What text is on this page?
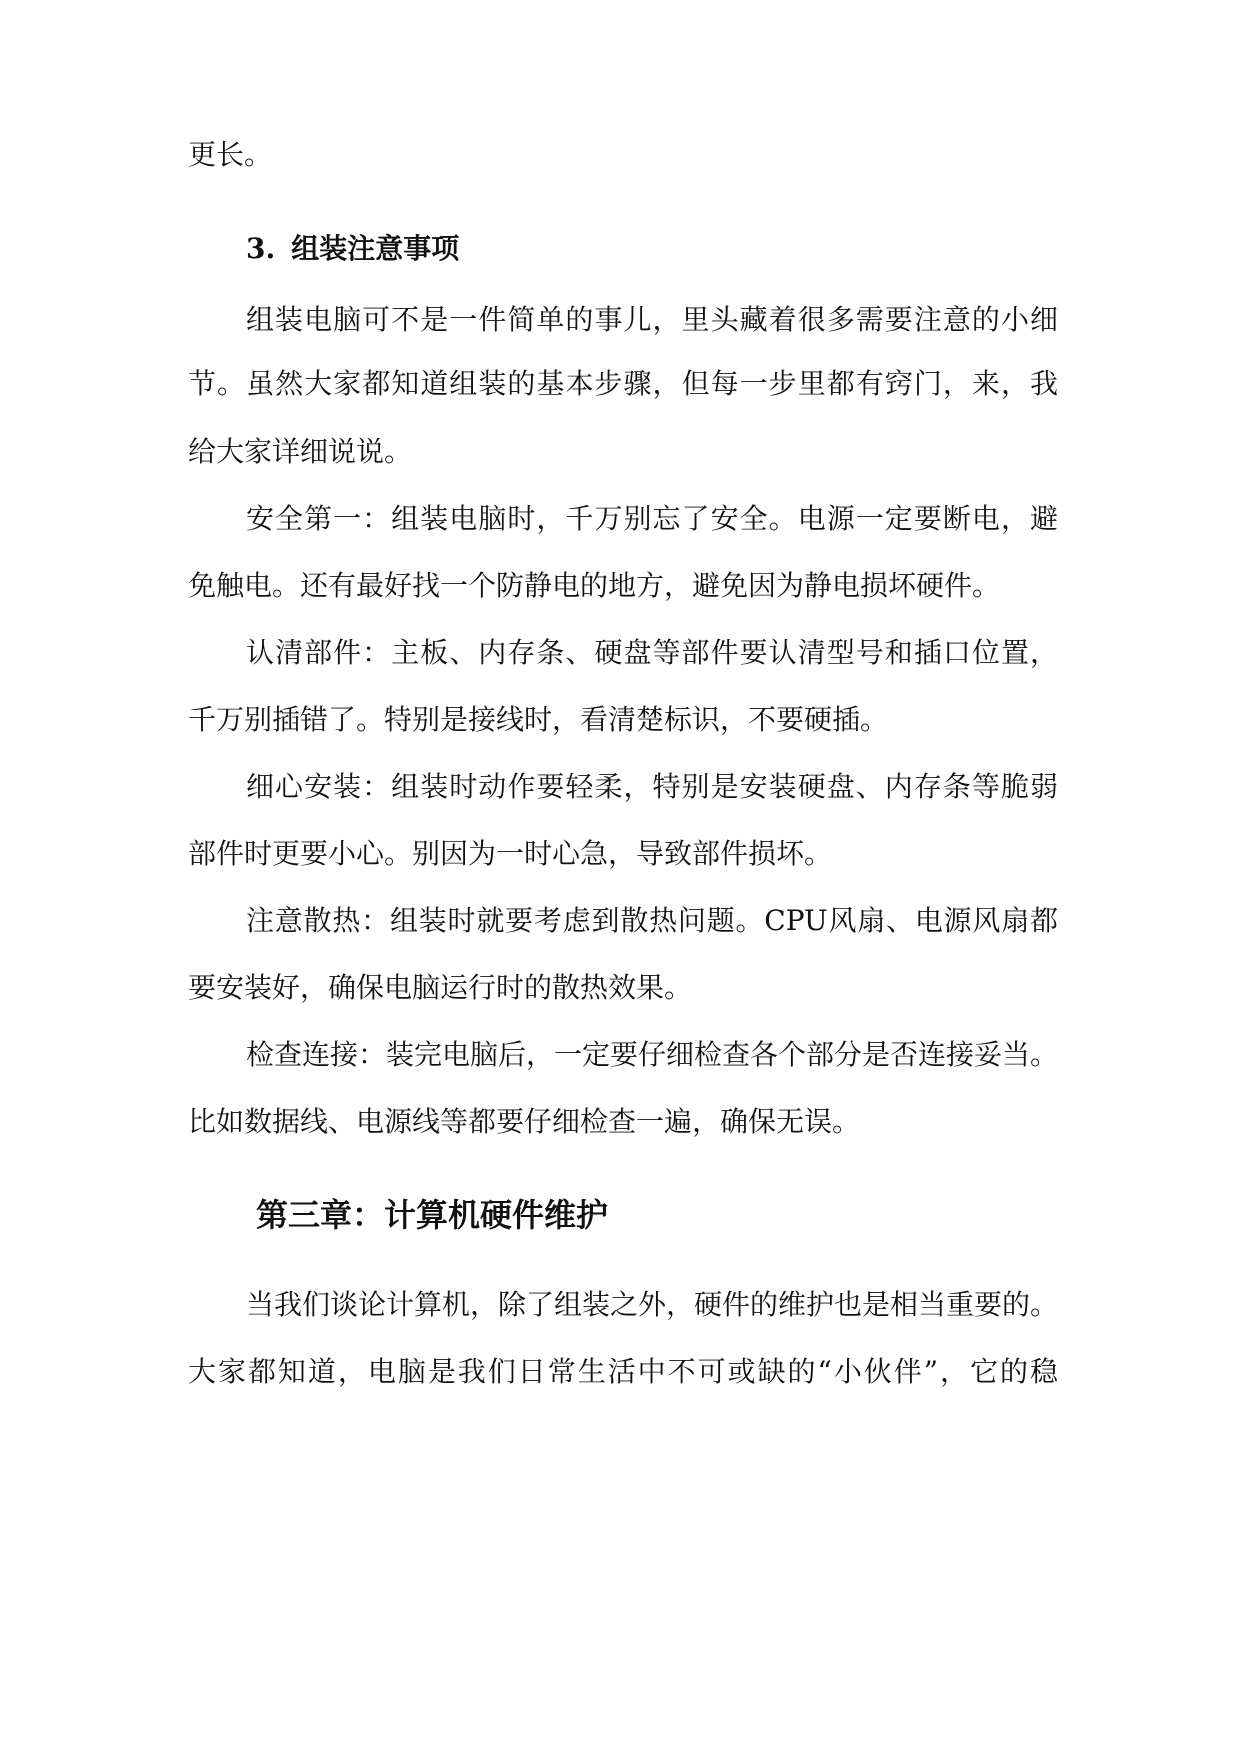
更长。
3. 组装注意事项
组装电脑可不是一件简单的事儿，里头藏着很多需要注意的小细
节。虽然大家都知道组装的基本步骤，但每一步里都有窍门，来，我
给大家详细说说。
安全第一：组装电脑时，千万别忘了安全。电源一定要断电，避
免触电。还有最好找一个防静电的地方，避免因为静电损坏硬件。
认清部件：主板、内存条、硬盘等部件要认清型号和插口位置，
千万别插错了。特别是接线时，看清楚标识，不要硬插。
细心安装：组装时动作要轻柔，特别是安装硬盘、内存条等脆弱
部件时更要小心。别因为一时心急，导致部件损坏。
注意散热：组装时就要考虑到散热问题。CPU风扇、电源风扇都
要安装好，确保电脑运行时的散热效果。
检查连接：装完电脑后，一定要仔细检查各个部分是否连接妥当。
比如数据线、电源线等都要仔细检查一遍，确保无误。
第三章：计算机硬件维护
当我们谈论计算机，除了组装之外，硬件的维护也是相当重要的。
大家都知道，电脑是我们日常生活中不可或缺的“小伙伴”，它的稳
